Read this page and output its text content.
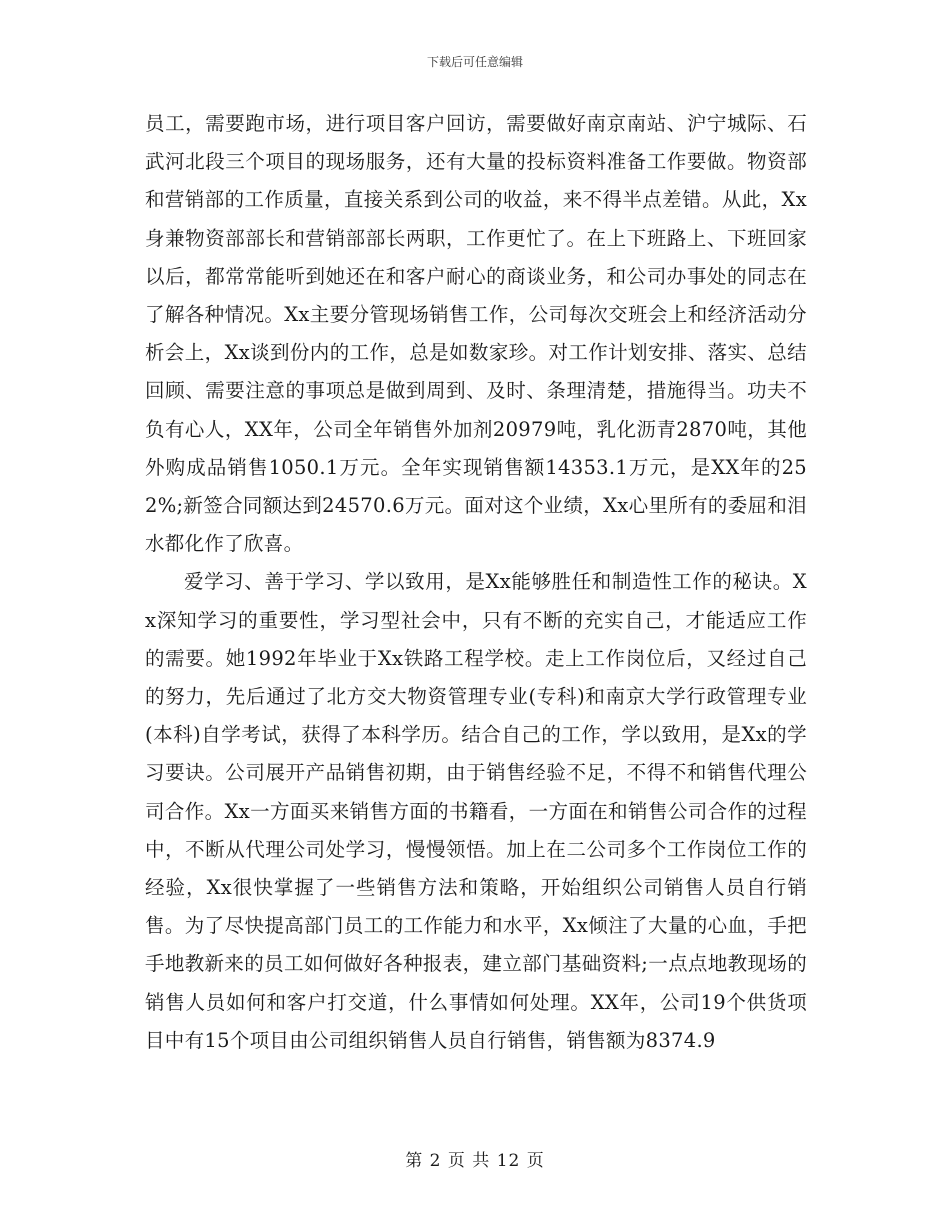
下载后可任意编辑

员工，需要跑市场，进行项目客户回访，需要做好南京南站、沪宁城际、石武河北段三个项目的现场服务，还有大量的投标资料准备工作要做。物资部和营销部的工作质量，直接关系到公司的收益，来不得半点差错。从此，Xx身兼物资部部长和营销部部长两职，工作更忙了。在上下班路上、下班回家以后，都常常能听到她还在和客户耐心的商谈业务，和公司办事处的同志在了解各种情况。Xx主要分管现场销售工作，公司每次交班会上和经济活动分析会上，Xx谈到份内的工作，总是如数家珍。对工作计划安排、落实、总结回顾、需要注意的事项总是做到周到、及时、条理清楚，措施得当。功夫不负有心人，XX年，公司全年销售外加剂20979吨，乳化沥青2870吨，其他外购成品销售1050.1万元。全年实现销售额14353.1万元，是XX年的252%;新签合同额达到24570.6万元。面对这个业绩，Xx心里所有的委屈和泪水都化作了欣喜。

爱学习、善于学习、学以致用，是Xx能够胜任和制造性工作的秘诀。Xx深知学习的重要性，学习型社会中，只有不断的充实自己，才能适应工作的需要。她1992年毕业于Xx铁路工程学校。走上工作岗位后，又经过自己的努力，先后通过了北方交大物资管理专业(专科)和南京大学行政管理专业(本科)自学考试，获得了本科学历。结合自己的工作，学以致用，是Xx的学习要诀。公司展开产品销售初期，由于销售经验不足，不得不和销售代理公司合作。Xx一方面买来销售方面的书籍看，一方面在和销售公司合作的过程中，不断从代理公司处学习，慢慢领悟。加上在二公司多个工作岗位工作的经验，Xx很快掌握了一些销售方法和策略，开始组织公司销售人员自行销售。为了尽快提高部门员工的工作能力和水平，Xx倾注了大量的心血，手把手地教新来的员工如何做好各种报表，建立部门基础资料;一点点地教现场的销售人员如何和客户打交道，什么事情如何处理。XX年，公司19个供货项目中有15个项目由公司组织销售人员自行销售，销售额为8374.9

第 2 页 共 12 页
